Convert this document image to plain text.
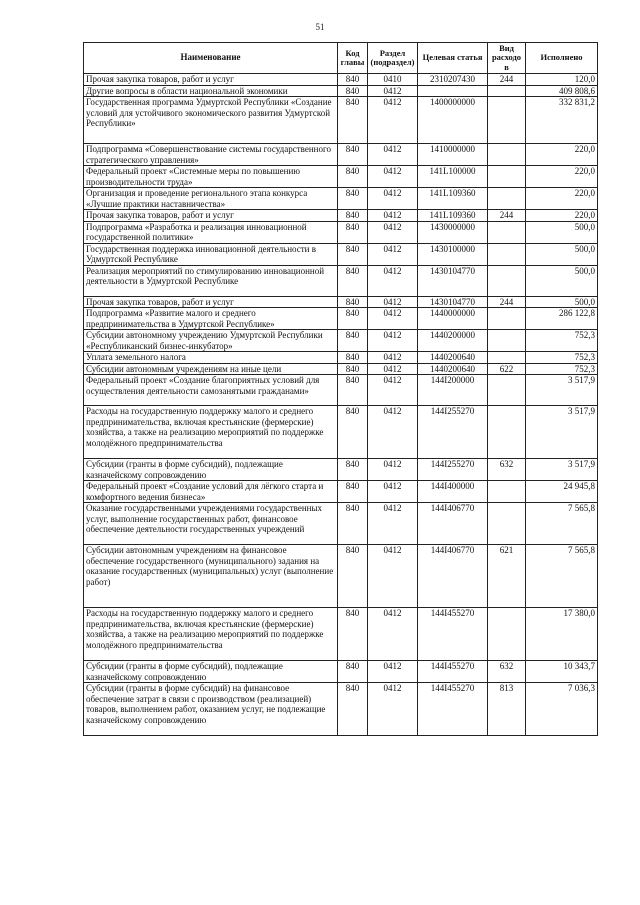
51
Наименование	Код главы	Раздел (подраздел)	Целевая статья	Вид расходов	Исполнено
Прочая закупка товаров, работ и услуг	840	0410	2310207430	244	120,0
Другие вопросы в области национальной экономики	840	0412			409 808,6
Государственная программа Удмуртской Республики «Создание условий для устойчивого экономического развития Удмуртской Республики»	840	0412	1400000000		332 831,2
Подпрограмма «Совершенствование системы государственного стратегического управления»	840	0412	1410000000		220,0
Федеральный проект «Системные меры по повышению производительности труда»	840	0412	141L100000		220,0
Организация и проведение регионального этапа конкурса «Лучшие практики наставничества»	840	0412	141L109360		220,0
Прочая закупка товаров, работ и услуг	840	0412	141L109360	244	220,0
Подпрограмма «Разработка и реализация инновационной государственной политики»	840	0412	1430000000		500,0
Государственная поддержка инновационной деятельности в Удмуртской Республике	840	0412	1430100000		500,0
Реализация мероприятий по стимулированию инновационной деятельности в Удмуртской Республике	840	0412	1430104770		500,0
Прочая закупка товаров, работ и услуг	840	0412	1430104770	244	500,0
Подпрограмма «Развитие малого и среднего предпринимательства в Удмуртской Республике»	840	0412	1440000000		286 122,8
Субсидии автономному учреждению Удмуртской Республики «Республиканский бизнес-инкубатор»	840	0412	1440200000		752,3
Уплата земельного налога	840	0412	1440200640		752,3
Субсидии автономным учреждениям на иные цели	840	0412	1440200640	622	752,3
Федеральный проект «Создание благоприятных условий для осуществления деятельности самозанятыми гражданами»	840	0412	144I200000		3 517,9
Расходы на государственную поддержку малого и среднего предпринимательства, включая крестьянские (фермерские) хозяйства, а также на реализацию мероприятий по поддержке молодёжного предпринимательства	840	0412	144I255270		3 517,9
Субсидии (гранты в форме субсидий), подлежащие казначейскому сопровождению	840	0412	144I255270	632	3 517,9
Федеральный проект «Создание условий для лёгкого старта и комфортного ведения бизнеса»	840	0412	144I400000		24 945,8
Оказание государственными учреждениями государственных услуг, выполнение государственных работ, финансовое обеспечение деятельности государственных учреждений	840	0412	144I406770		7 565,8
Субсидии автономным учреждениям на финансовое обеспечение государственного (муниципального) задания на оказание государственных (муниципальных) услуг (выполнение работ)	840	0412	144I406770	621	7 565,8
Расходы на государственную поддержку малого и среднего предпринимательства, включая крестьянские (фермерские) хозяйства, а также на реализацию мероприятий по поддержке молодёжного предпринимательства	840	0412	144I455270		17 380,0
Субсидии (гранты в форме субсидий), подлежащие казначейскому сопровождению	840	0412	144I455270	632	10 343,7
Субсидии (гранты в форме субсидий) на финансовое обеспечение затрат в связи с производством (реализацией) товаров, выполнением работ, оказанием услуг, не подлежащие казначейскому сопровождению	840	0412	144I455270	813	7 036,3
